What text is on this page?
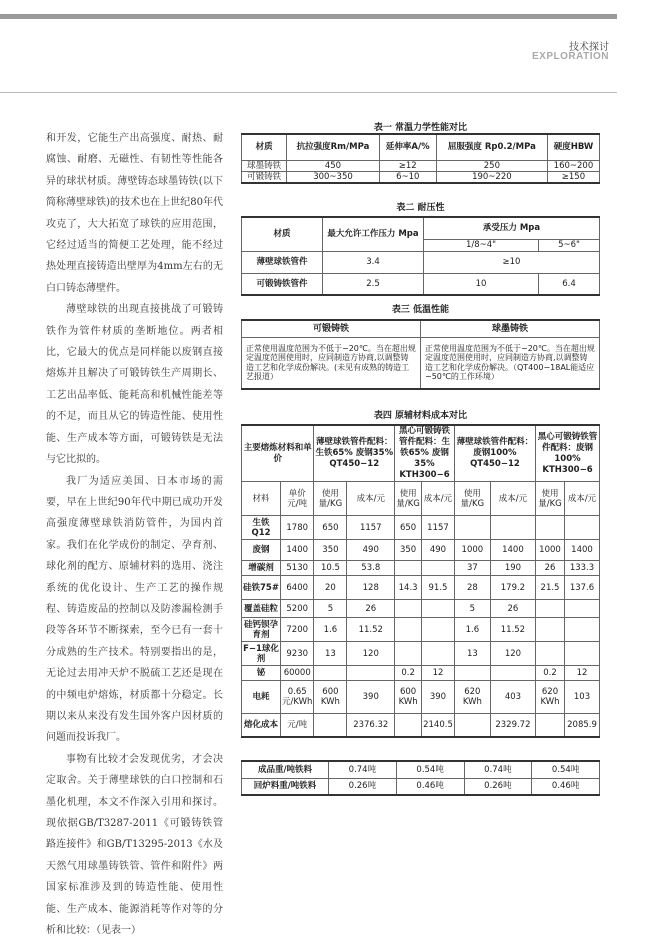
技术探讨
EXPLORATION

和开发，它能生产出高强度、耐热、耐腐蚀、耐磨、无磁性、有韧性等性能各异的球状材质。薄壁铸态球墨铸铁(以下简称薄壁球铁)的技术也在上世纪80年代攻克了，大大拓宽了球铁的应用范围，它经过适当的简便工艺处理，能不经过热处理直接铸造出壁厚为4mm左右的无白口铸态薄壁件。

薄壁球铁的出现直接挑战了可锻铸铁作为管件材质的垄断地位。两者相比，它最大的优点是同样能以废钢直接熔炼并且解决了可锻铸铁生产周期长、工艺出品率低、能耗高和机械性能差等的不足，而且从它的铸造性能、使用性能、生产成本等方面，可锻铸铁是无法与它比拟的。

我厂为适应美国、日本市场的需要，早在上世纪90年代中期已成功开发高强度薄壁球铁消防管件，为国内首家。我们在化学成份的制定、孕育剂、球化剂的配方、原辅材料的选用、浇注系统的优化设计、生产工艺的操作规程、铸造废品的控制以及防渗漏检测手段等各环节不断探索，至今已有一套十分成熟的生产技术。特别要指出的是，无论过去用冲天炉不脱硫工艺还是现在的中频电炉熔炼，材质都十分稳定。长期以来从来没有发生国外客户因材质的问题而投诉我厂。

事物有比较才会发现优劣，才会决定取舍。关于薄壁球铁的白口控制和石墨化机理，本文不作深入引用和探讨。现依据GB/T3287-2011《可锻铸铁管路连接件》和GB/T13295-2013《水及天然气用球墨铸铁管、管件和附件》两国家标准涉及到的铸造性能、使用性能、生产成本、能源消耗等作对等的分析和比较：（见表一）

表一 常温力学性能对比
材质	抗拉强度Rm/MPa	延伸率A/%	屈服强度 Rp0.2/MPa	硬度HBW
球墨铸铁	450	≥12	250	160~200
可锻铸铁	300~350	6~10	190~220	≥150
表二 耐压性
材质	最大允许工作压力 Mpa	承受压力 Mpa	
		1/8~4"	5~6"
薄壁球铁管件	3.4	≥10	
可锻铸铁管件	2.5	10	6.4
表三 低温性能
可锻铸铁	球墨铸铁
正常使用温度范围为不低于−20℃。当在超出规定温度范围使用时，应同制造方协商,以调整铸造工艺和化学成份解决。(未见有成熟的铸造工艺报道）	正常使用温度范围为不低于−20℃。当在超出规定温度范围使用时，应同制造方协商,以调整铸造工艺和化学成份解决。（QT400−18AL能适应−50℃的工作环境）
表四 原辅材料成本对比
主要熔炼材料和单价		薄壁球铁管件配料：生铁65% 废钢35% QT450−12		黑心可锻铸铁管件配料：生铁65% 废钢 35% KTH300−6		薄壁球铁管件配料：废钢100% QT450−12		黑心可锻铸铁管件配料：废钢100% KTH300−6	
材料	单价 元/吨	使用量/KG	成本/元	使用量/KG	成本/元	使用量/KG	成本/元	使用量/KG	成本/元
生铁Q12	1780	650	1157	650	1157				
废钢	1400	350	490	350	490	1000	1400	1000	1400
增碳剂	5130	10.5	53.8			37	190	26	133.3
硅铁75#	6400	20	128	14.3	91.5	28	179.2	21.5	137.6
覆盖硅粒	5200	5	26			5	26		
硅钙钡孕育剂	7200	1.6	11.52			1.6	11.52		
F−1球化剂	9230	13	120			13	120		
铋	60000			0.2	12			0.2	12
电耗	0.65元/KWh	600 KWh	390	600 KWh	390	620 KWh	403	620 KWh	103
熔化成本	元/吨		2376.32		2140.5		2329.72		2085.9
成品重/吨铁料	0.74吨	0.54吨	0.74吨	0.54吨
回炉料重/吨铁料	0.26吨	0.46吨	0.26吨	0.46吨
